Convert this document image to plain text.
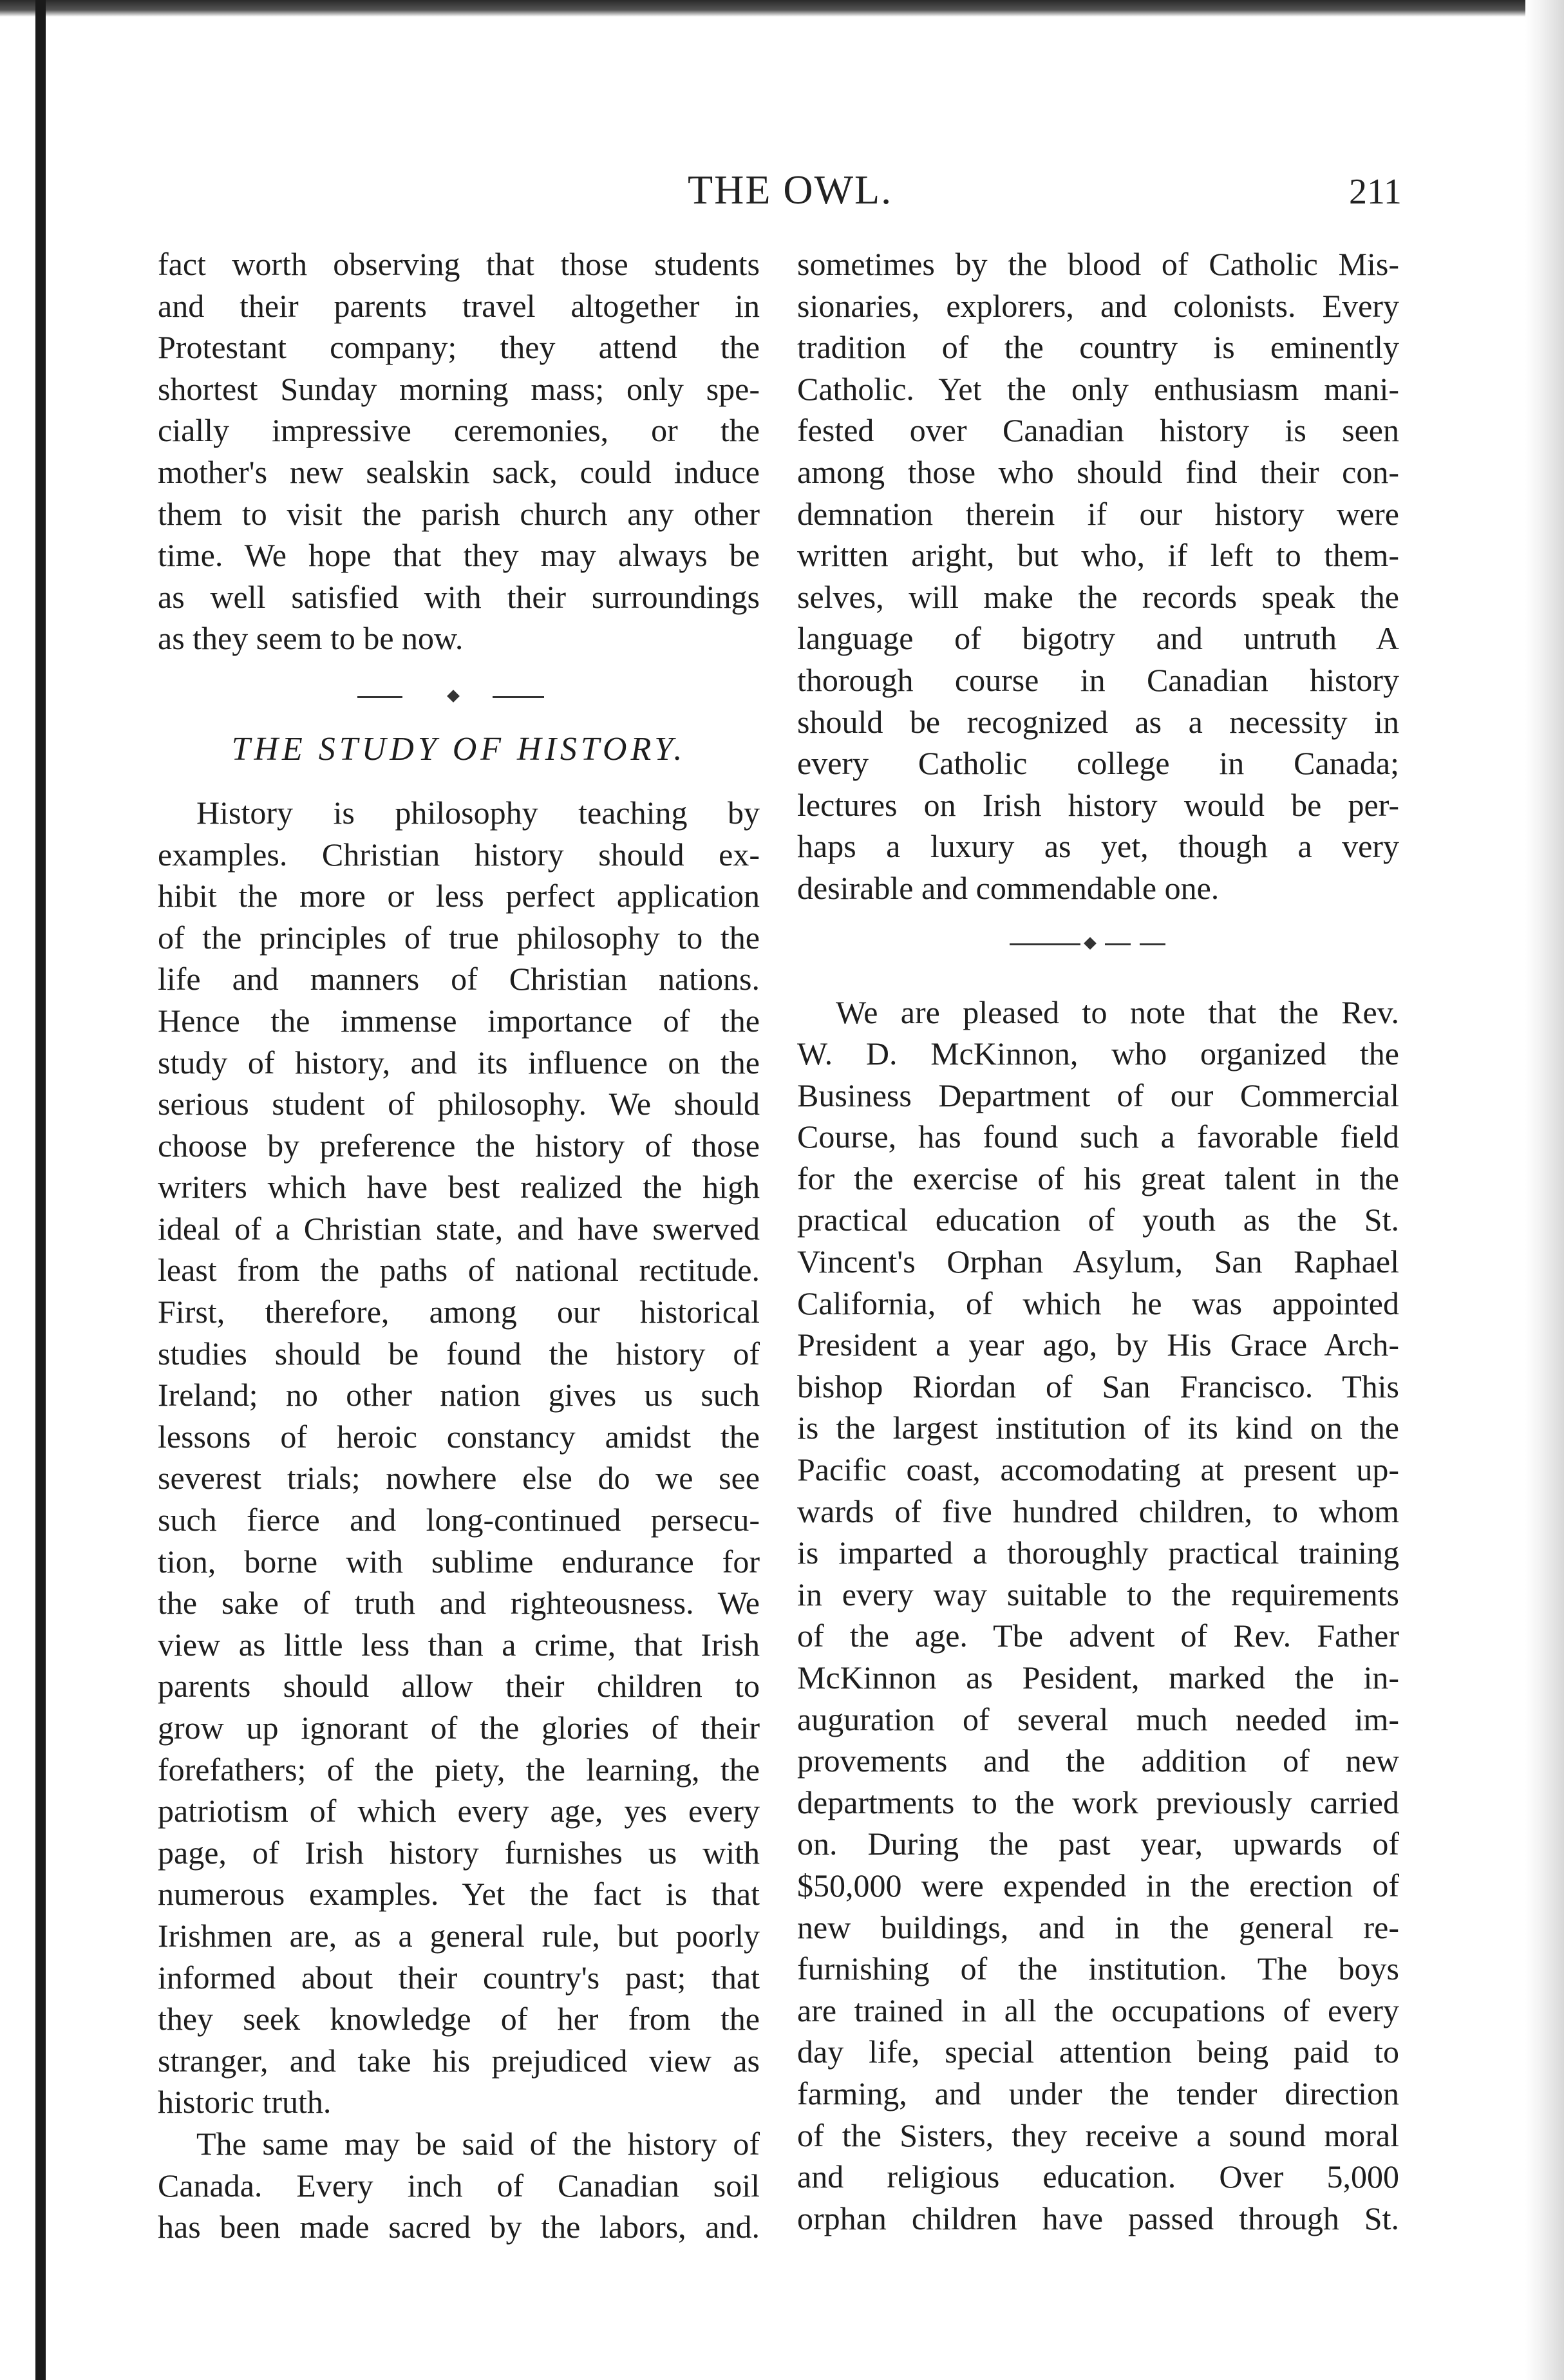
THE OWL.	211
fact worth observing that those students
and their parents travel altogether in
Protestant company; they attend the
shortest Sunday morning mass; only spe-
cially impressive ceremonies, or the
mother's new sealskin sack, could induce
them to visit the parish church any other
time. We hope that they may always be
as well satisfied with their surroundings
as they seem to be now.
THE STUDY OF HISTORY.
History is philosophy teaching by
examples. Christian history should ex-
hibit the more or less perfect application
of the principles of true philosophy to the
life and manners of Christian nations.
Hence the immense importance of the
study of history, and its influence on the
serious student of philosophy. We should
choose by preference the history of those
writers which have best realized the high
ideal of a Christian state, and have swerved
least from the paths of national rectitude.
First, therefore, among our historical
studies should be found the history of
Ireland; no other nation gives us such
lessons of heroic constancy amidst the
severest trials; nowhere else do we see
such fierce and long-continued persecu-
tion, borne with sublime endurance for
the sake of truth and righteousness. We
view as little less than a crime, that Irish
parents should allow their children to
grow up ignorant of the glories of their
forefathers; of the piety, the learning, the
patriotism of which every age, yes every
page, of Irish history furnishes us with
numerous examples. Yet the fact is that
Irishmen are, as a general rule, but poorly
informed about their country's past; that
they seek knowledge of her from the
stranger, and take his prejudiced view as
historic truth.
The same may be said of the history of
Canada. Every inch of Canadian soil
has been made sacred by the labors, and.
sometimes by the blood of Catholic Mis-
sionaries, explorers, and colonists. Every
tradition of the country is eminently
Catholic. Yet the only enthusiasm mani-
fested over Canadian history is seen
among those who should find their con-
demnation therein if our history were
written aright, but who, if left to them-
selves, will make the records speak the
language of bigotry and untruth A
thorough course in Canadian history
should be recognized as a necessity in
every Catholic college in Canada;
lectures on Irish history would be per-
haps a luxury as yet, though a very
desirable and commendable one.
We are pleased to note that the Rev.
W. D. McKinnon, who organized the
Business Department of our Commercial
Course, has found such a favorable field
for the exercise of his great talent in the
practical education of youth as the St.
Vincent's Orphan Asylum, San Raphael
California, of which he was appointed
President a year ago, by His Grace Arch-
bishop Riordan of San Francisco. This
is the largest institution of its kind on the
Pacific coast, accomodating at present up-
wards of five hundred children, to whom
is imparted a thoroughly practical training
in every way suitable to the requirements
of the age. Tbe advent of Rev. Father
McKinnon as Pesident, marked the in-
auguration of several much needed im-
provements and the addition of new
departments to the work previously carried
on. During the past year, upwards of
$50,000 were expended in the erection of
new buildings, and in the general re-
furnishing of the institution. The boys
are trained in all the occupations of every
day life, special attention being paid to
farming, and under the tender direction
of the Sisters, they receive a sound moral
and religious education. Over 5,000
orphan children have passed through St.
